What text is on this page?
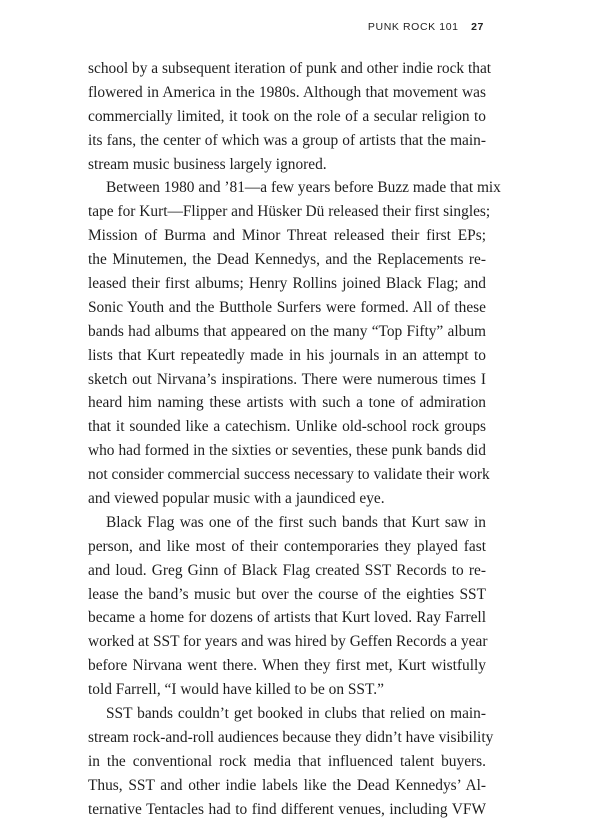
PUNK ROCK 101 27
school by a subsequent iteration of punk and other indie rock that
flowered in America in the 1980s. Although that movement was
commercially limited, it took on the role of a secular religion to
its fans, the center of which was a group of artists that the main-
stream music business largely ignored.
Between 1980 and ’81—a few years before Buzz made that mix
tape for Kurt—Flipper and Hüsker Dü released their first singles;
Mission of Burma and Minor Threat released their first EPs;
the Minutemen, the Dead Kennedys, and the Replacements re-
leased their first albums; Henry Rollins joined Black Flag; and
Sonic Youth and the Butthole Surfers were formed. All of these
bands had albums that appeared on the many “Top Fifty” album
lists that Kurt repeatedly made in his journals in an attempt to
sketch out Nirvana’s inspirations. There were numerous times I
heard him naming these artists with such a tone of admiration
that it sounded like a catechism. Unlike old-school rock groups
who had formed in the sixties or seventies, these punk bands did
not consider commercial success necessary to validate their work
and viewed popular music with a jaundiced eye.
Black Flag was one of the first such bands that Kurt saw in
person, and like most of their contemporaries they played fast
and loud. Greg Ginn of Black Flag created SST Records to re-
lease the band’s music but over the course of the eighties SST
became a home for dozens of artists that Kurt loved. Ray Farrell
worked at SST for years and was hired by Geffen Records a year
before Nirvana went there. When they first met, Kurt wistfully
told Farrell, “I would have killed to be on SST.”
SST bands couldn’t get booked in clubs that relied on main-
stream rock-and-roll audiences because they didn’t have visibility
in the conventional rock media that influenced talent buyers.
Thus, SST and other indie labels like the Dead Kennedys’ Al-
ternative Tentacles had to find different venues, including VFW
